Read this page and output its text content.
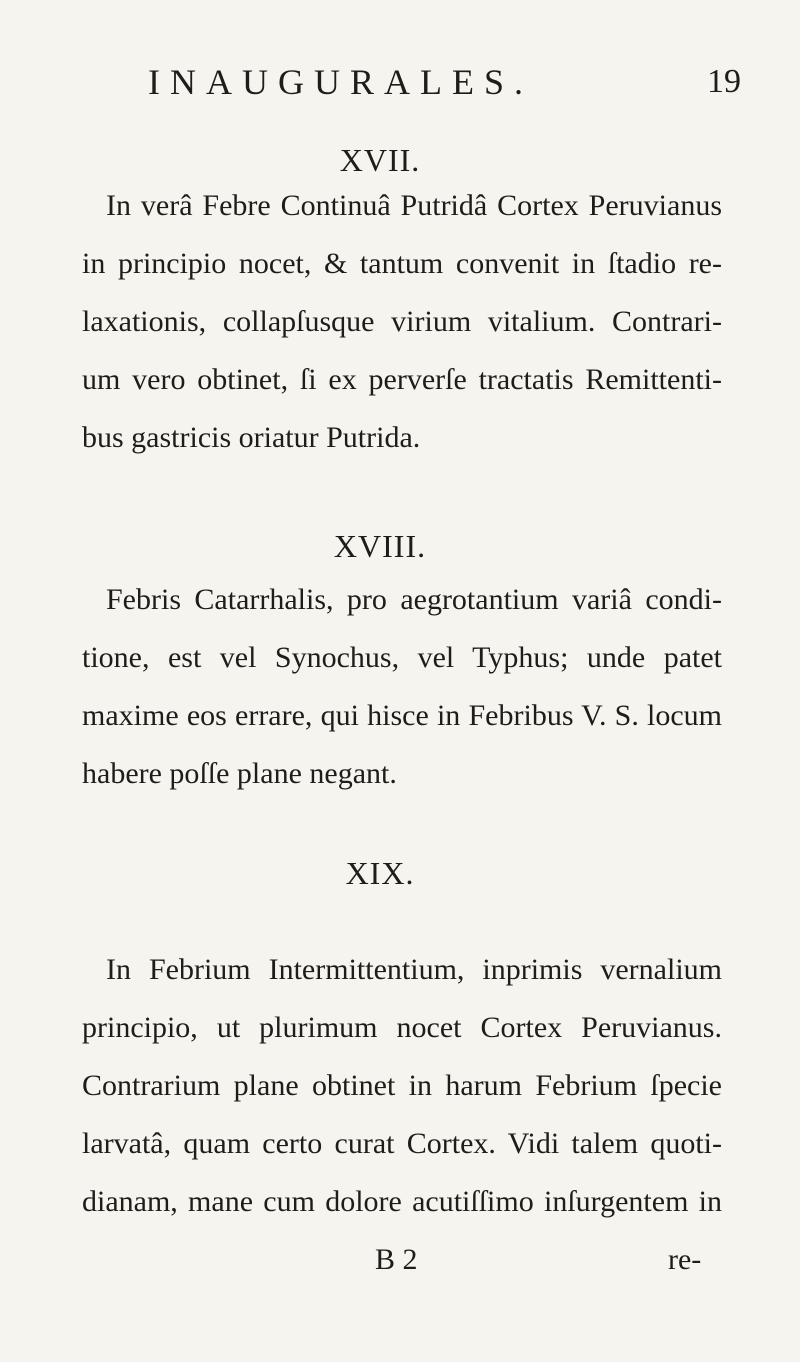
INAUGURALES.	19
XVII.
In verâ Febre Continuâ Putridâ Cortex Peruvianus
in principio nocet, & tantum convenit in ſtadio re-
laxationis, collapſusque virium vitalium. Contrari-
um vero obtinet, ſi ex perverſe tractatis Remittenti-
bus gastricis oriatur Putrida.
XVIII.
Febris Catarrhalis, pro aegrotantium variâ condi-
tione, est vel Synochus, vel Typhus; unde patet
maxime eos errare, qui hisce in Febribus V. S. locum
habere poſſe plane negant.
XIX.
In Febrium Intermittentium, inprimis vernalium
principio, ut plurimum nocet Cortex Peruvianus.
Contrarium plane obtinet in harum Febrium ſpecie
larvatâ, quam certo curat Cortex. Vidi talem quoti-
dianam, mane cum dolore acutiſſimo inſurgentem in
B 2	re-
